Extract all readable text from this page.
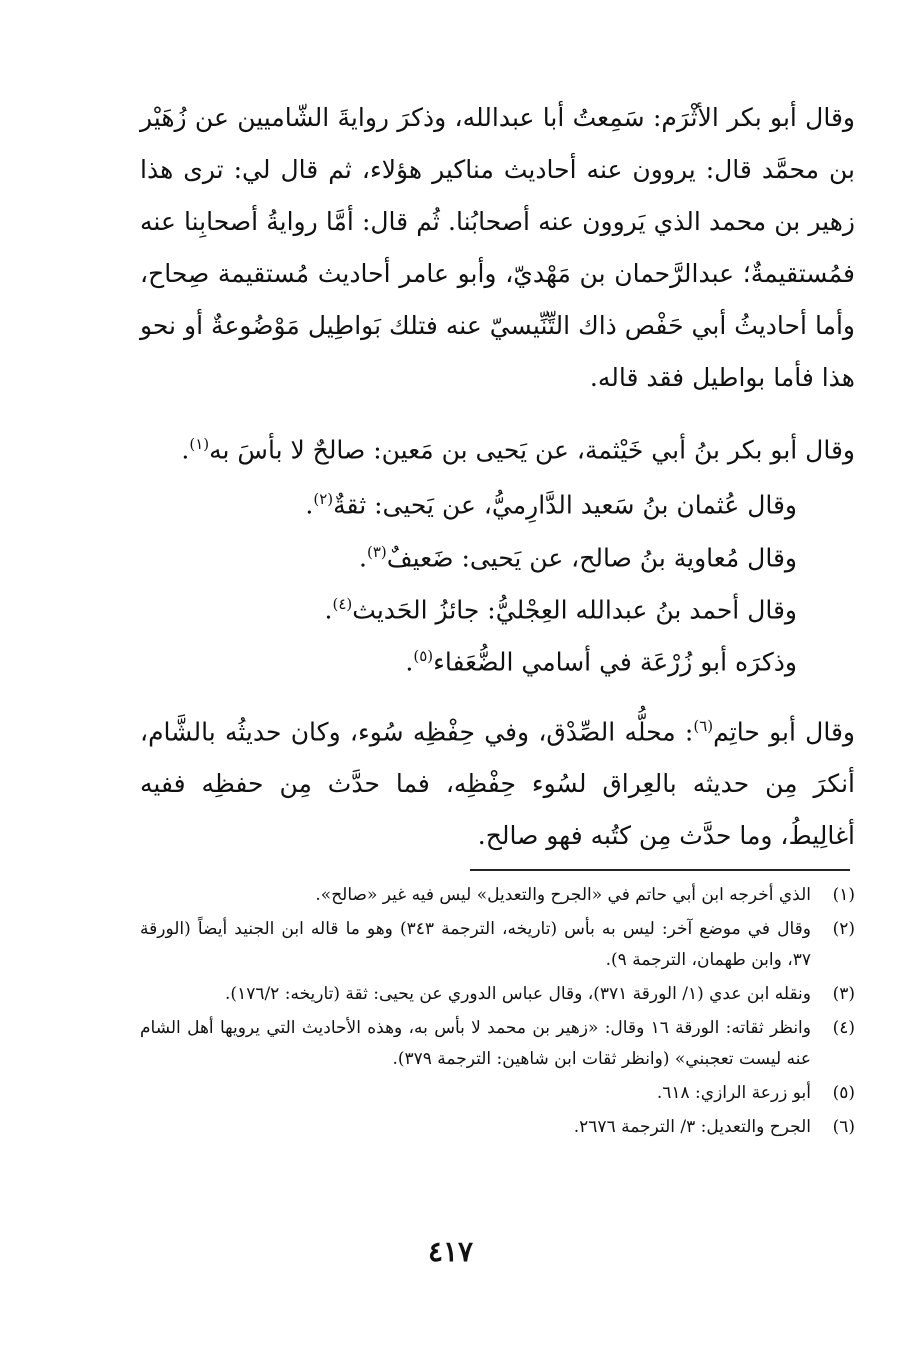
وقال أبو بكر الأثْرَم: سَمِعتُ أبا عبدالله، وذكرَ روايةَ الشّاميين عن زُهَيْر بن محمَّد قال: يروون عنه أحاديث مناكير هؤلاء، ثم قال لي: ترى هذا زهير بن محمد الذي يَروون عنه أصحابُنا. ثُم قال: أمَّا روايةُ أصحابِنا عنه فمُستقيمةٌ؛ عبدالرَّحمان بن مَهْديّ، وأبو عامر أحاديث مُستقيمة صِحاح، وأما أحاديثُ أبي حَفْص ذاك التِّنِّيسيّ عنه فتلك بَواطِيل مَوْضُوعةٌ أو نحو هذا فأما بواطيل فقد قاله.

وقال أبو بكر بنُ أبي خَيْثمة، عن يَحيى بن مَعين: صالحٌ لا بأسَ به$^{(١)}$.

وقال عُثمان بنُ سَعيد الدَّارِميُّ، عن يَحيى: ثقةٌ$^{(٢)}$.

وقال مُعاوية بنُ صالح، عن يَحيى: ضَعيفٌ$^{(٣)}$.

وقال أحمد بنُ عبدالله العِجْليُّ: جائزُ الحَديث$^{(٤)}$.

وذكرَه أبو زُرْعَة في أسامي الضُّعَفاء$^{(٥)}$.

وقال أبو حاتِم$^{(٦)}$: محلُّه الصِّدْق، وفي حِفْظِه سُوء، وكان حديثُه بالشَّام، أنكرَ مِن حديثه بالعِراق لسُوء حِفْظِه، فما حدَّث مِن حفظِه ففيه أغالِيطُ، وما حدَّث مِن كتُبه فهو صالح.

(١)
الذي أخرجه ابن أبي حاتم في «الجرح والتعديل» ليس فيه غير «صالح».
(٢)
وقال في موضع آخر: ليس به بأس (تاريخه، الترجمة ٣٤٣) وهو ما قاله ابن الجنيد أيضاً (الورقة ٣٧، وابن طهمان، الترجمة ٩).
(٣)
ونقله ابن عدي (١/ الورقة ٣٧١)، وقال عباس الدوري عن يحيى: ثقة (تاريخه: ١٧٦/٢).
(٤)
وانظر ثقاته: الورقة ١٦ وقال: «زهير بن محمد لا بأس به، وهذه الأحاديث التي يرويها أهل الشام عنه ليست تعجبني» (وانظر ثقات ابن شاهين: الترجمة ٣٧٩).
(٥)
أبو زرعة الرازي: ٦١٨.
(٦)
الجرح والتعديل: ٣/ الترجمة ٢٦٧٦.
٤١٧
